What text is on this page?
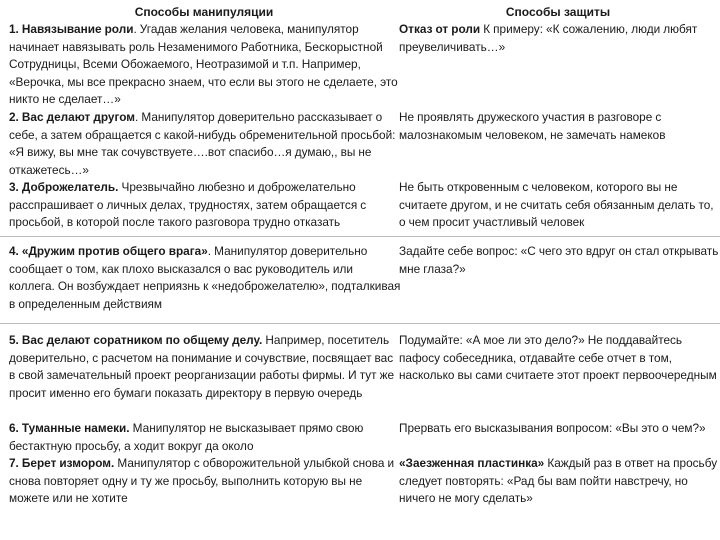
Способы манипуляции	Способы защиты

1. Навязывание роли. Угадав желания человека, манипулятор начинает навязывать роль Незаменимого Работника, Бескорыстной Сотрудницы, Всеми Обожаемого, Неотразимой и т.п. Например, «Верочка, мы все прекрасно знаем, что если вы этого не сделаете, это никто не сделает…»

2. Вас делают другом. Манипулятор доверительно рассказывает о себе, а затем обращается с какой-нибудь обременительной просьбой: «Я вижу, вы мне так сочувствуете….вот спасибо…я думаю,, вы не откажетесь…»

3. Доброжелатель. Чрезвычайно любезно и доброжелательно расспрашивает о личных делах, трудностях, затем обращается с просьбой, в которой после такого разговора трудно отказать

Отказ от роли К примеру: «К сожалению, люди любят преувеличивать…»

Не проявлять дружеского участия в разговоре с малознакомым человеком, не замечать намеков

Не быть откровенным с человеком, которого вы не считаете другом, и не считать себя обязанным делать то, о чем просит участливый человек

4. «Дружим против общего врага». Манипулятор доверительно сообщает о том, как плохо высказался о вас руководитель или коллега. Он возбуждает неприязнь к «недоброжелателю», подталкивая в определенным действиям

Задайте себе вопрос: «С чего это вдруг он стал открывать мне глаза?»

5. Вас делают соратником по общему делу. Например, посетитель доверительно, с расчетом на понимание и сочувствие, посвящает вас в свой замечательный проект реорганизации работы фирмы. И тут же просит именно его бумаги показать директору в первую очередь

6. Туманные намеки. Манипулятор не высказывает прямо свою бестактную просьбу, а ходит вокруг да около

7. Берет измором. Манипулятор с обворожительной улыбкой снова и снова повторяет одну и ту же просьбу, выполнить которую вы не можете или не хотите

Подумайте: «А мое ли это дело?» Не поддавайтесь пафосу собеседника, отдавайте себе отчет в том, насколько вы сами считаете этот проект первоочередным

Прервать его высказывания вопросом: «Вы это о чем?»

«Заезженная пластинка» Каждый раз в ответ на просьбу следует повторять: «Рад бы вам пойти навстречу, но ничего не могу сделать»
